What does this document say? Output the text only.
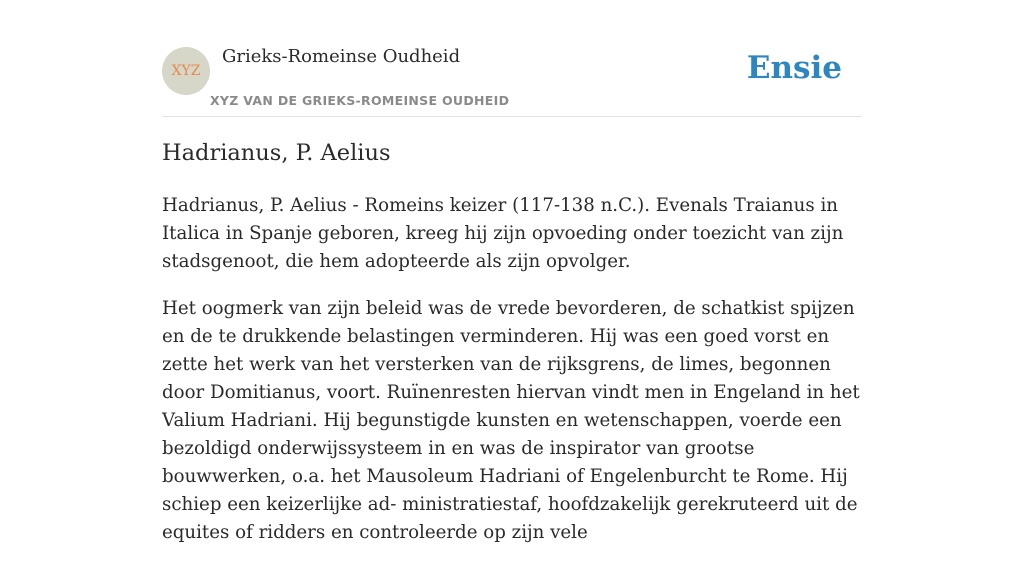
XYZ
Grieks-Romeinse Oudheid
XYZ VAN DE GRIEKS-ROMEINSE OUDHEID
Ensie
Hadrianus, P. Aelius

Hadrianus, P. Aelius - Romeins keizer (117-138 n.C.). Evenals Traianus in Italica in Spanje geboren, kreeg hij zijn opvoeding onder toezicht van zijn stadsgenoot, die hem adopteerde als zijn opvolger.

Het oogmerk van zijn beleid was de vrede bevorderen, de schatkist spijzen en de te drukkende belastingen verminderen. Hij was een goed vorst en zette het werk van het versterken van de rijksgrens, de limes, begonnen door Domitianus, voort. Ruïnenresten hiervan vindt men in Engeland in het Valium Hadriani. Hij begunstigde kunsten en wetenschappen, voerde een bezoldigd onderwijssysteem in en was de inspirator van grootse bouwwerken, o.a. het Mausoleum Hadriani of Engelenburcht te Rome. Hij schiep een keizerlijke ad- ministratiestaf, hoofdzakelijk gerekruteerd uit de equites of ridders en controleerde op zijn vele
